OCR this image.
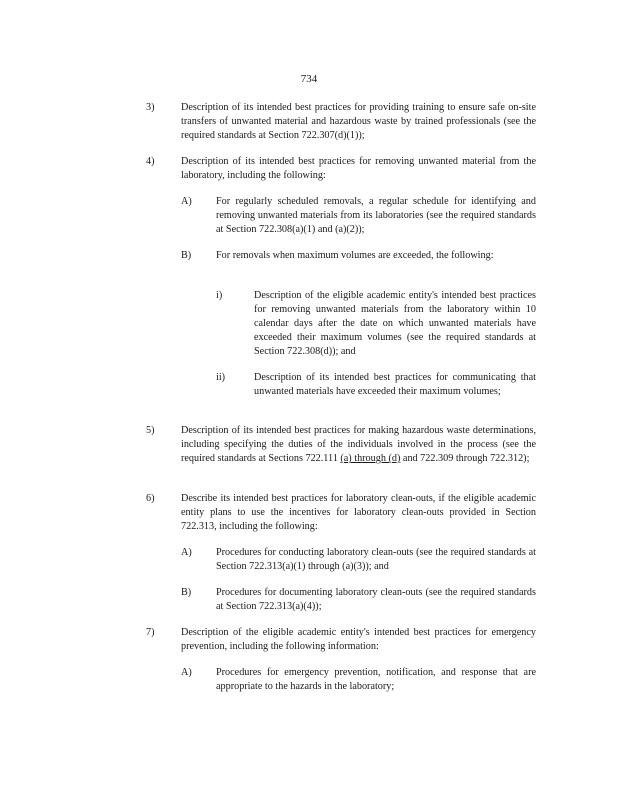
734
3)	Description of its intended best practices for providing training to ensure safe on-site transfers of unwanted material and hazardous waste by trained professionals (see the required standards at Section 722.307(d)(1));
4)	Description of its intended best practices for removing unwanted material from the laboratory, including the following:
A) For regularly scheduled removals, a regular schedule for identifying and removing unwanted materials from its laboratories (see the required standards at Section 722.308(a)(1) and (a)(2));
B) For removals when maximum volumes are exceeded, the following:
i)	Description of the eligible academic entity's intended best practices for removing unwanted materials from the laboratory within 10 calendar days after the date on which unwanted materials have exceeded their maximum volumes (see the required standards at Section 722.308(d)); and
ii)	Description of its intended best practices for communicating that unwanted materials have exceeded their maximum volumes;
5)	Description of its intended best practices for making hazardous waste determinations, including specifying the duties of the individuals involved in the process (see the required standards at Sections 722.111 (a) through (d) and 722.309 through 722.312);
6)	Describe its intended best practices for laboratory clean-outs, if the eligible academic entity plans to use the incentives for laboratory clean-outs provided in Section 722.313, including the following:
A) Procedures for conducting laboratory clean-outs (see the required standards at Section 722.313(a)(1) through (a)(3)); and
B) Procedures for documenting laboratory clean-outs (see the required standards at Section 722.313(a)(4));
7)	Description of the eligible academic entity's intended best practices for emergency prevention, including the following information:
A) Procedures for emergency prevention, notification, and response that are appropriate to the hazards in the laboratory;
